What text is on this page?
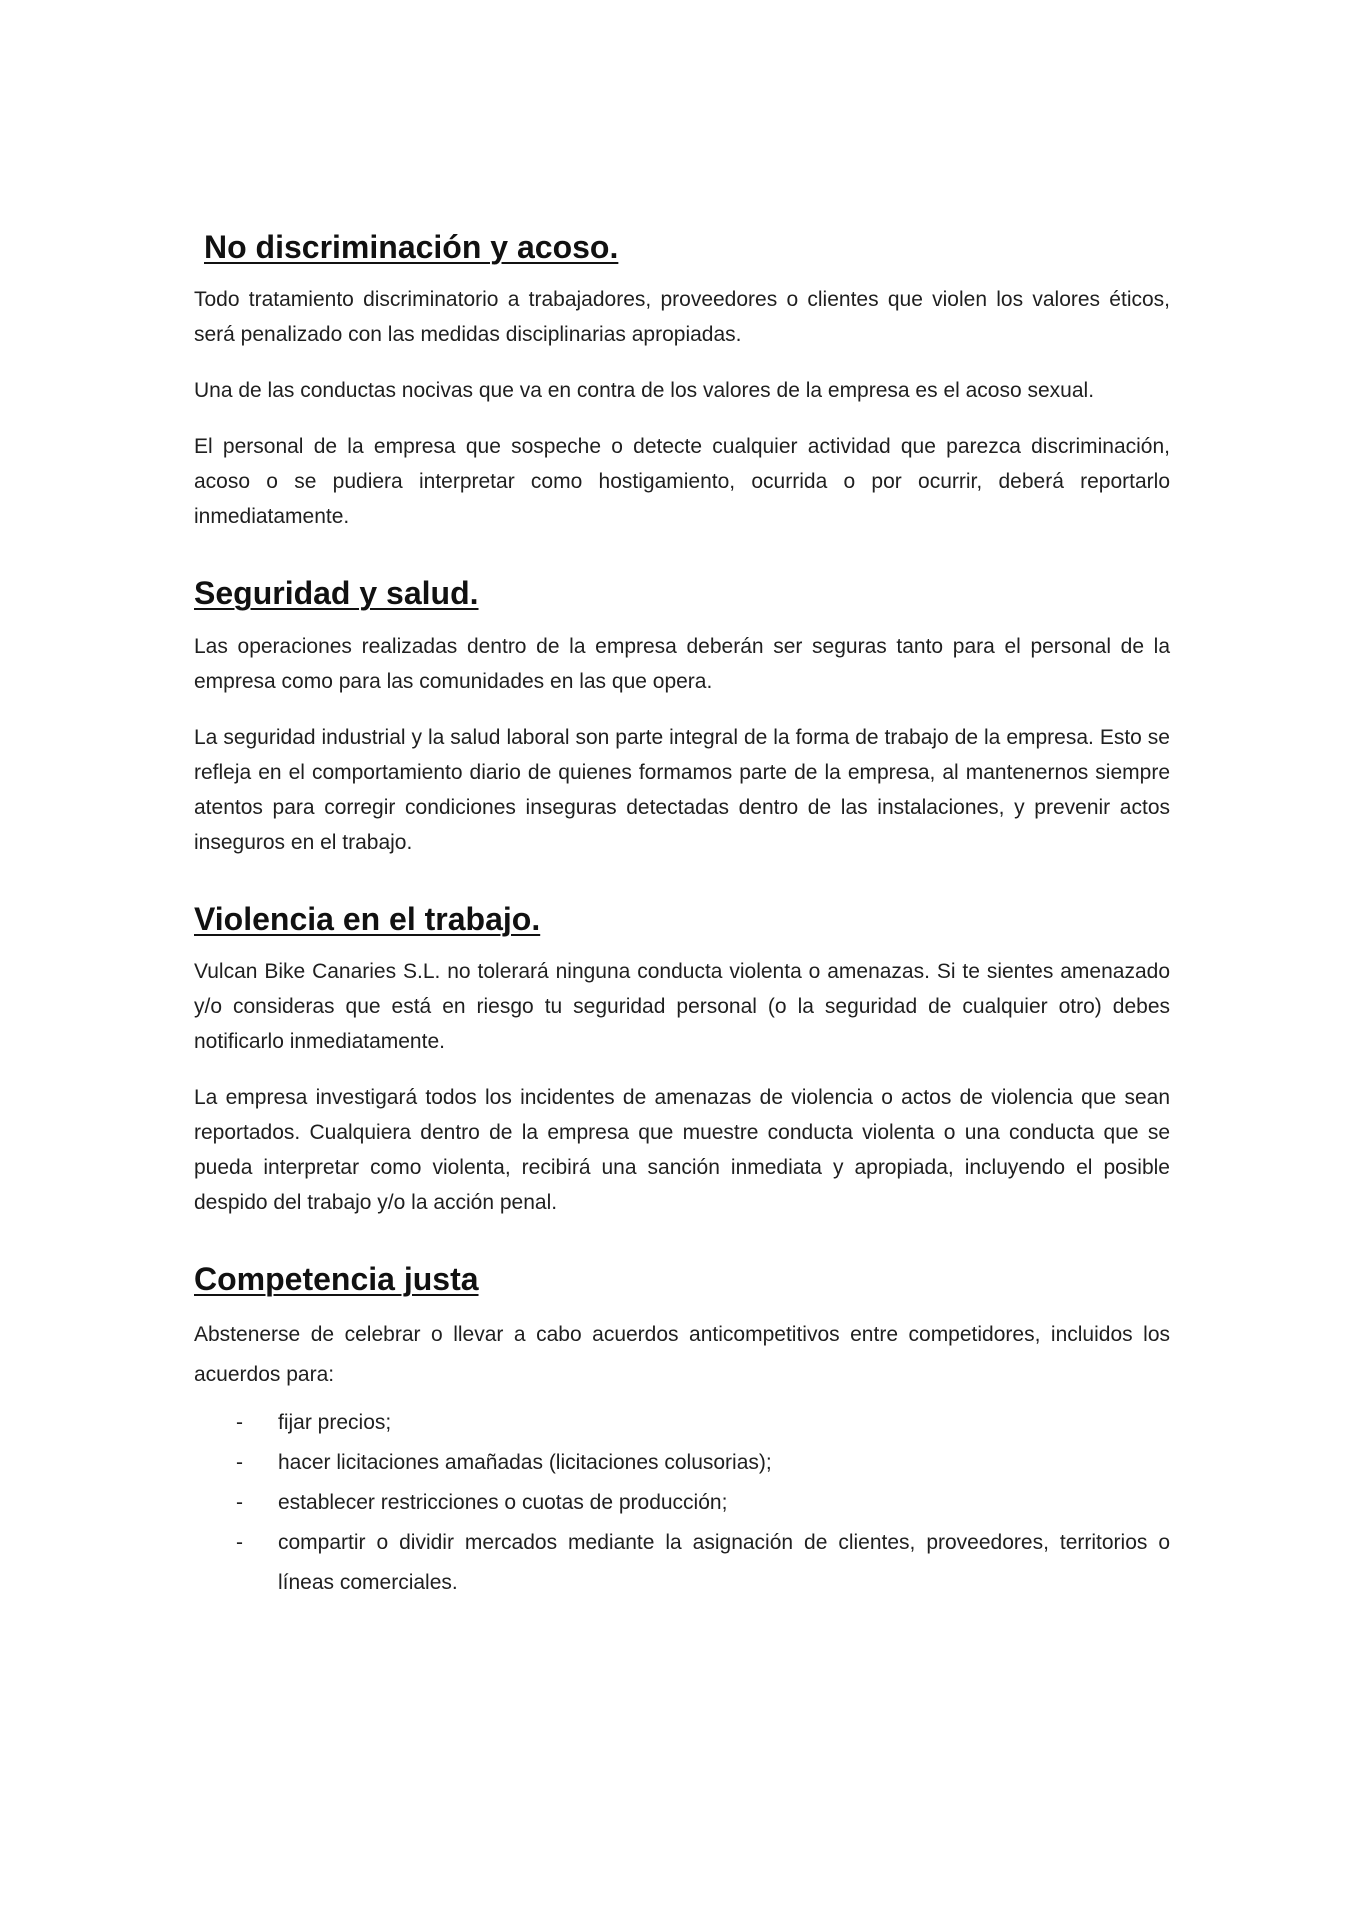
No discriminación y acoso.

Todo tratamiento discriminatorio a trabajadores, proveedores o clientes que violen los valores éticos, será penalizado con las medidas disciplinarias apropiadas.

Una de las conductas nocivas que va en contra de los valores de la empresa es el acoso sexual.

El personal de la empresa que sospeche o detecte cualquier actividad que parezca discriminación, acoso o se pudiera interpretar como hostigamiento, ocurrida o por ocurrir, deberá reportarlo inmediatamente.

Seguridad y salud.

Las operaciones realizadas dentro de la empresa deberán ser seguras tanto para el personal de la empresa como para las comunidades en las que opera.

La seguridad industrial y la salud laboral son parte integral de la forma de trabajo de la empresa. Esto se refleja en el comportamiento diario de quienes formamos parte de la empresa, al mantenernos siempre atentos para corregir condiciones inseguras detectadas dentro de las instalaciones, y prevenir actos inseguros en el trabajo.

Violencia en el trabajo.

Vulcan Bike Canaries S.L. no tolerará ninguna conducta violenta o amenazas. Si te sientes amenazado y/o consideras que está en riesgo tu seguridad personal (o la seguridad de cualquier otro) debes notificarlo inmediatamente.

La empresa investigará todos los incidentes de amenazas de violencia o actos de violencia que sean reportados. Cualquiera dentro de la empresa que muestre conducta violenta o una conducta que se pueda interpretar como violenta, recibirá una sanción inmediata y apropiada, incluyendo el posible despido del trabajo y/o la acción penal.

Competencia justa

Abstenerse de celebrar o llevar a cabo acuerdos anticompetitivos entre competidores, incluidos los acuerdos para:

- fijar precios;
- hacer licitaciones amañadas (licitaciones colusorias);
- establecer restricciones o cuotas de producción;
- compartir o dividir mercados mediante la asignación de clientes, proveedores, territorios o líneas comerciales.
